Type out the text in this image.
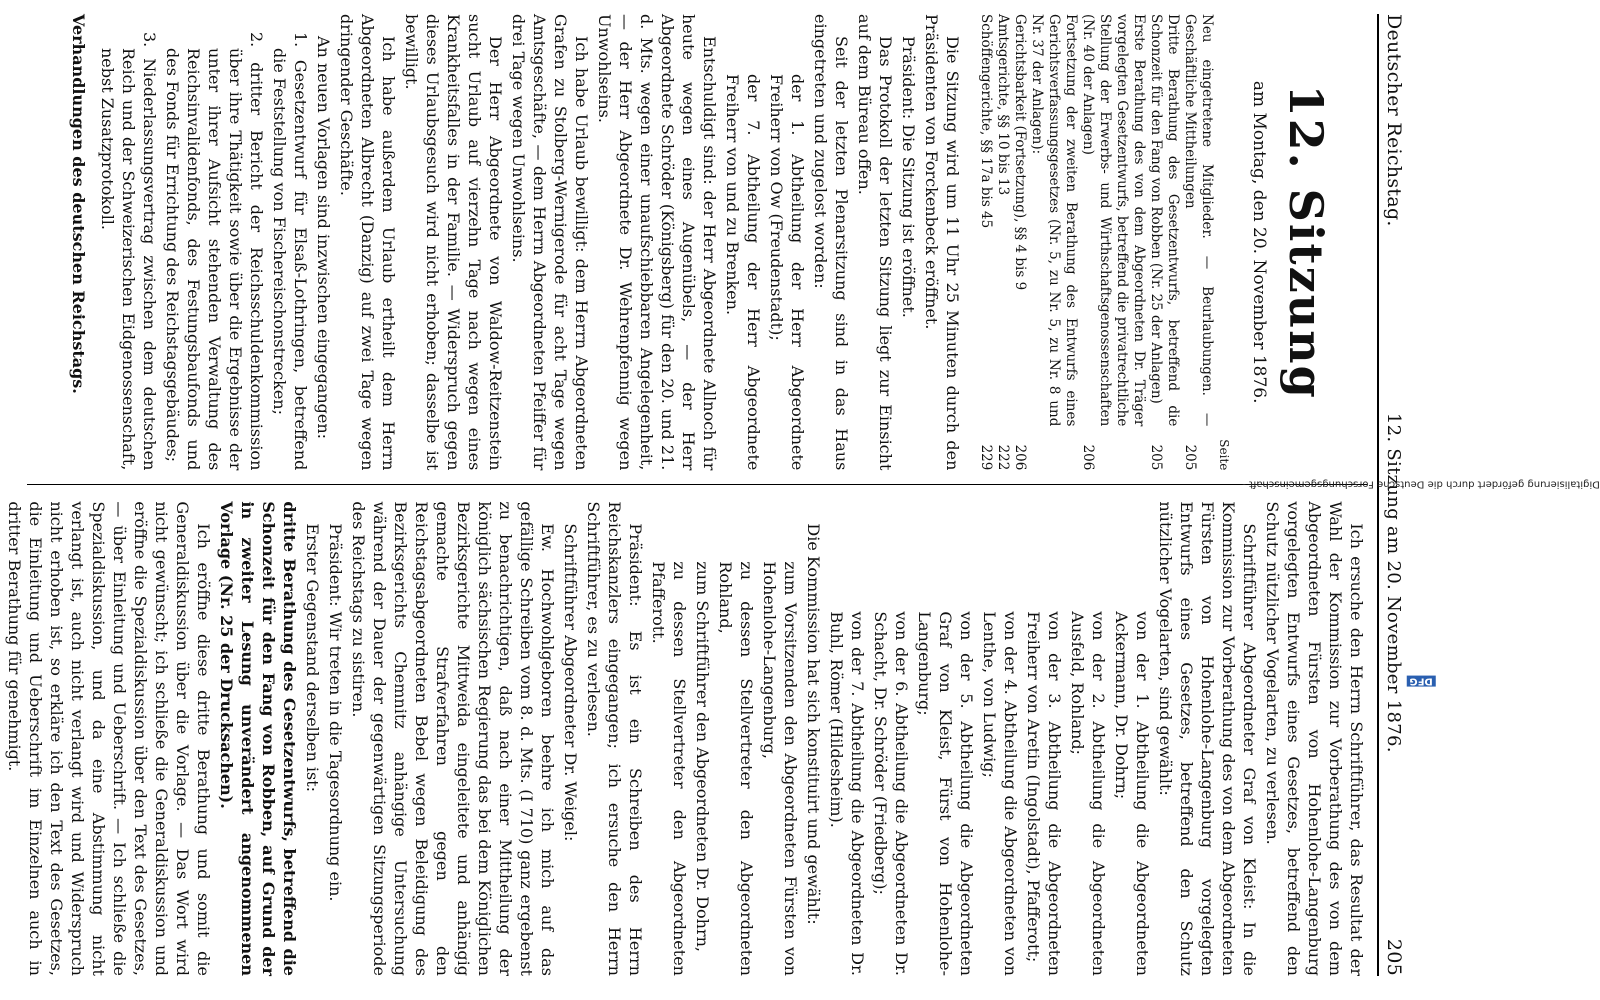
Deutscher Reichstag.
12. Sitzung am 20. November 1876.
205
12. Sitzung
am Montag, den 20. November 1876.
Seite
Neu eingetretene Mitglieder. — Beurlaubungen. — Geschäftliche Mittheilungen
205
Dritte Berathung des Gesetzentwurfs, betreffend die Schonzeit für den Fang von Robben (Nr. 25 der Anlagen)
205
Erste Berathung des von dem Abgeordneten Dr. Träger vorgelegten Gesetzentwurfs, betreffend die privatrechtliche Stellung der Erwerbs- und Wirthschaftsgenossenschaften (Nr. 40 der Anlagen)
206
Fortsetzung der zweiten Berathung des Entwurfs eines Gerichtsverfassungsgesetzes (Nr. 5, zu Nr. 5, zu Nr. 8 und Nr. 37 der Anlagen):
Gerichtsbarkeit (Fortsetzung), §§ 4 bis 9
206
Amtsgerichte, §§ 10 bis 13
222
Schöffengerichte, §§ 17a bis 45
229

Die Sitzung wird um 11 Uhr 25 Minuten durch den Präsidenten von Forckenbeck eröffnet.

Präsident: Die Sitzung ist eröffnet.

Das Protokoll der letzten Sitzung liegt zur Einsicht auf dem Büreau offen.

Seit der letzten Plenarsitzung sind in das Haus eingetreten und zugelost worden:

der 1. Abtheilung der Herr Abgeordnete Freiherr von Ow (Freudenstadt);

der 7. Abtheilung der Herr Abgeordnete Freiherr von und zu Brenken.

Entschuldigt sind: der Herr Abgeordnete Allnoch für heute wegen eines Augenübels, — der Herr Abgeordnete Schröder (Königsberg) für den 20. und 21. d. Mts. wegen einer unaufschiebbaren Angelegenheit, — der Herr Abgeordnete Dr. Wehrenpfennig wegen Unwohlseins.

Ich habe Urlaub bewilligt: dem Herrn Abgeordneten Grafen zu Stolberg-Wernigerode für acht Tage wegen Amtsgeschäfte, — dem Herrn Abgeordneten Pfeiffer für drei Tage wegen Unwohlseins.

Der Herr Abgeordnete von Waldow-Reitzenstein sucht Urlaub auf vierzehn Tage nach wegen eines Krankheitsfalles in der Familie. — Widerspruch gegen dieses Urlaubsgesuch wird nicht erhoben; dasselbe ist bewilligt.

Ich habe außerdem Urlaub ertheilt dem Herrn Abgeordneten Albrecht (Danzig) auf zwei Tage wegen dringender Geschäfte.

An neuen Vorlagen sind inzwischen eingegangen:

1. Gesetzentwurf für Elsaß-Lothringen, betreffend die Feststellung von Fischereischonstrecken;

2. dritter Bericht der Reichsschuldenkommission über ihre Thätigkeit sowie über die Ergebnisse der unter ihrer Aufsicht stehenden Verwaltung des Reichsinvalidenfonds, des Festungsbaufonds und des Fonds für Errichtung des Reichstagsgebäudes;

3. Niederlassungsvertrag zwischen dem deutschen Reich und der Schweizerischen Eidgenossenschaft, nebst Zusatzprotokoll.

Verhandlungen des deutschen Reichstags.

Ich ersuche den Herrn Schriftführer, das Resultat der Wahl der Kommission zur Vorberathung des von dem Abgeordneten Fürsten von Hohenlohe-Langenburg vorgelegten Entwurfs eines Gesetzes, betreffend den Schutz nützlicher Vogelarten, zu verlesen.

Schriftführer Abgeordneter Graf von Kleist: In die Kommission zur Vorberathung des von dem Abgeordneten Fürsten von Hohenlohe-Langenburg vorgelegten Entwurfs eines Gesetzes, betreffend den Schutz nützlicher Vogelarten, sind gewählt:

von der 1. Abtheilung die Abgeordneten Ackermann, Dr. Dohrn;

von der 2. Abtheilung die Abgeordneten Ausfeld, Rohland;

von der 3. Abtheilung die Abgeordneten Freiherr von Aretin (Ingolstadt), Pfafferott;

von der 4. Abtheilung die Abgeordneten von Lenthe, von Ludwig;

von der 5. Abtheilung die Abgeordneten Graf von Kleist, Fürst von Hohenlohe-Langenburg;

von der 6. Abtheilung die Abgeordneten Dr. Schacht, Dr. Schröder (Friedberg);

von der 7. Abtheilung die Abgeordneten Dr. Buhl, Römer (Hildesheim).

Die Kommission hat sich konstituirt und gewählt:

zum Vorsitzenden den Abgeordneten Fürsten von Hohenlohe-Langenburg,

zu dessen Stellvertreter den Abgeordneten Rohland,

zum Schriftführer den Abgeordneten Dr. Dohrn,

zu dessen Stellvertreter den Abgeordneten Pfafferott.

Präsident: Es ist ein Schreiben des Herrn Reichskanzlers eingegangen; ich ersuche den Herrn Schriftführer, es zu verlesen.

Schriftführer Abgeordneter Dr. Weigel:

Ew. Hochwohlgeboren beehre ich mich auf das gefällige Schreiben vom 8. d. Mts. (I 710) ganz ergebenst zu benachrichtigen, daß nach einer Mittheilung der königlich sächsischen Regierung das bei dem Königlichen Bezirksgerichte Mittweida eingeleitete und anhängig gemachte Strafverfahren gegen den Reichstagsabgeordneten Bebel wegen Beleidigung des Bezirksgerichts Chemnitz anhängige Untersuchung während der Dauer der gegenwärtigen Sitzungsperiode des Reichstags zu sistiren.

Präsident: Wir treten in die Tagesordnung ein.

Erster Gegenstand derselben ist:

dritte Berathung des Gesetzentwurfs, betreffend die Schonzeit für den Fang von Robben, auf Grund der in zweiter Lesung unverändert angenommenen Vorlage (Nr. 25 der Drucksachen).

Ich eröffne diese dritte Berathung und somit die Generaldiskussion über die Vorlage. — Das Wort wird nicht gewünscht; ich schließe die Generaldiskussion und eröffne die Spezialdiskussion über den Text des Gesetzes, — über Einleitung und Ueberschrift. — Ich schließe die Spezialdiskussion, und da eine Abstimmung nicht verlangt ist, auch nicht verlangt wird und Widerspruch nicht erhoben ist, so erkläre ich den Text des Gesetzes, die Einleitung und Ueberschrift im Einzelnen auch in dritter Berathung für genehmigt.

Digitalisierung gefördert durch die Deutsche Forschungsgemeinschaft - DFG
